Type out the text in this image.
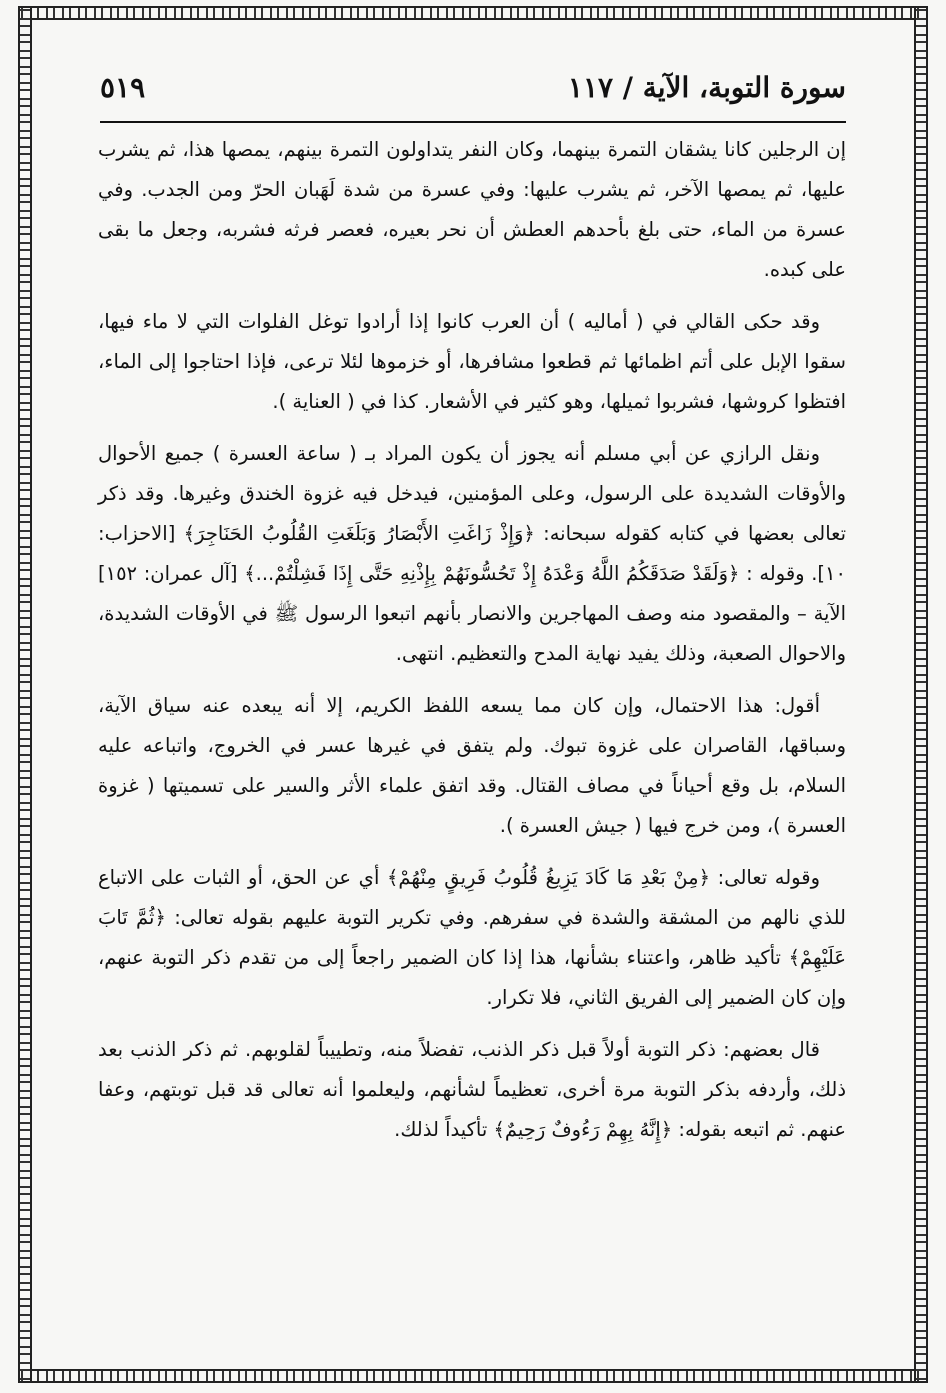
سورة التوبة، الآية / ١١٧
٥١٩

إن الرجلين كانا يشقان التمرة بينهما، وكان النفر يتداولون التمرة بينهم، يمصها هذا، ثم يشرب عليها، ثم يمصها الآخر، ثم يشرب عليها: وفي عسرة من شدة لَهَبان الحرّ ومن الجدب. وفي عسرة من الماء، حتى بلغ بأحدهم العطش أن نحر بعيره، فعصر فرثه فشربه، وجعل ما بقى على كبده.

وقد حكى القالي في ( أماليه ) أن العرب كانوا إذا أرادوا توغل الفلوات التي لا ماء فيها، سقوا الإبل على أتم اظمائها ثم قطعوا مشافرها، أو خزموها لئلا ترعى، فإذا احتاجوا إلى الماء، افتظوا كروشها، فشربوا ثميلها، وهو كثير في الأشعار. كذا في ( العناية ).

ونقل الرازي عن أبي مسلم أنه يجوز أن يكون المراد بـ ( ساعة العسرة ) جميع الأحوال والأوقات الشديدة على الرسول، وعلى المؤمنين، فيدخل فيه غزوة الخندق وغيرها. وقد ذكر تعالى بعضها في كتابه كقوله سبحانه: ﴿وَإِذْ زَاغَتِ الأَبْصَارُ وَبَلَغَتِ القُلُوبُ الحَنَاجِرَ﴾ [الاحزاب: ١٠]. وقوله : ﴿وَلَقَدْ صَدَقَكُمُ اللَّهُ وَعْدَهُ إِذْ تَحُسُّونَهُمْ بِإِذْنِهِ حَتَّى إِذَا فَشِلْتُمْ...﴾ [آل عمران: ١٥٢] الآية – والمقصود منه وصف المهاجرين والانصار بأنهم اتبعوا الرسول ﷺ في الأوقات الشديدة، والاحوال الصعبة، وذلك يفيد نهاية المدح والتعظيم. انتهى.

أقول: هذا الاحتمال، وإن كان مما يسعه اللفظ الكريم، إلا أنه يبعده عنه سياق الآية، وسباقها، القاصران على غزوة تبوك. ولم يتفق في غيرها عسر في الخروج، واتباعه عليه السلام، بل وقع أحياناً في مصاف القتال. وقد اتفق علماء الأثر والسير على تسميتها ( غزوة العسرة )، ومن خرج فيها ( جيش العسرة ).

وقوله تعالى: ﴿مِنْ بَعْدِ مَا كَادَ يَزِيغُ قُلُوبُ فَرِيقٍ مِنْهُمْ﴾ أي عن الحق، أو الثبات على الاتباع للذي نالهم من المشقة والشدة في سفرهم. وفي تكرير التوبة عليهم بقوله تعالى: ﴿ثُمَّ تَابَ عَلَيْهِمْ﴾ تأكيد ظاهر، واعتناء بشأنها، هذا إذا كان الضمير راجعاً إلى من تقدم ذكر التوبة عنهم، وإن كان الضمير إلى الفريق الثاني، فلا تكرار.

قال بعضهم: ذكر التوبة أولاً قبل ذكر الذنب، تفضلاً منه، وتطييباً لقلوبهم. ثم ذكر الذنب بعد ذلك، وأردفه بذكر التوبة مرة أخرى، تعظيماً لشأنهم، وليعلموا أنه تعالى قد قبل توبتهم، وعفا عنهم. ثم اتبعه بقوله: ﴿إِنَّهُ بِهِمْ رَءُوفٌ رَحِيمٌ﴾ تأكيداً لذلك.
